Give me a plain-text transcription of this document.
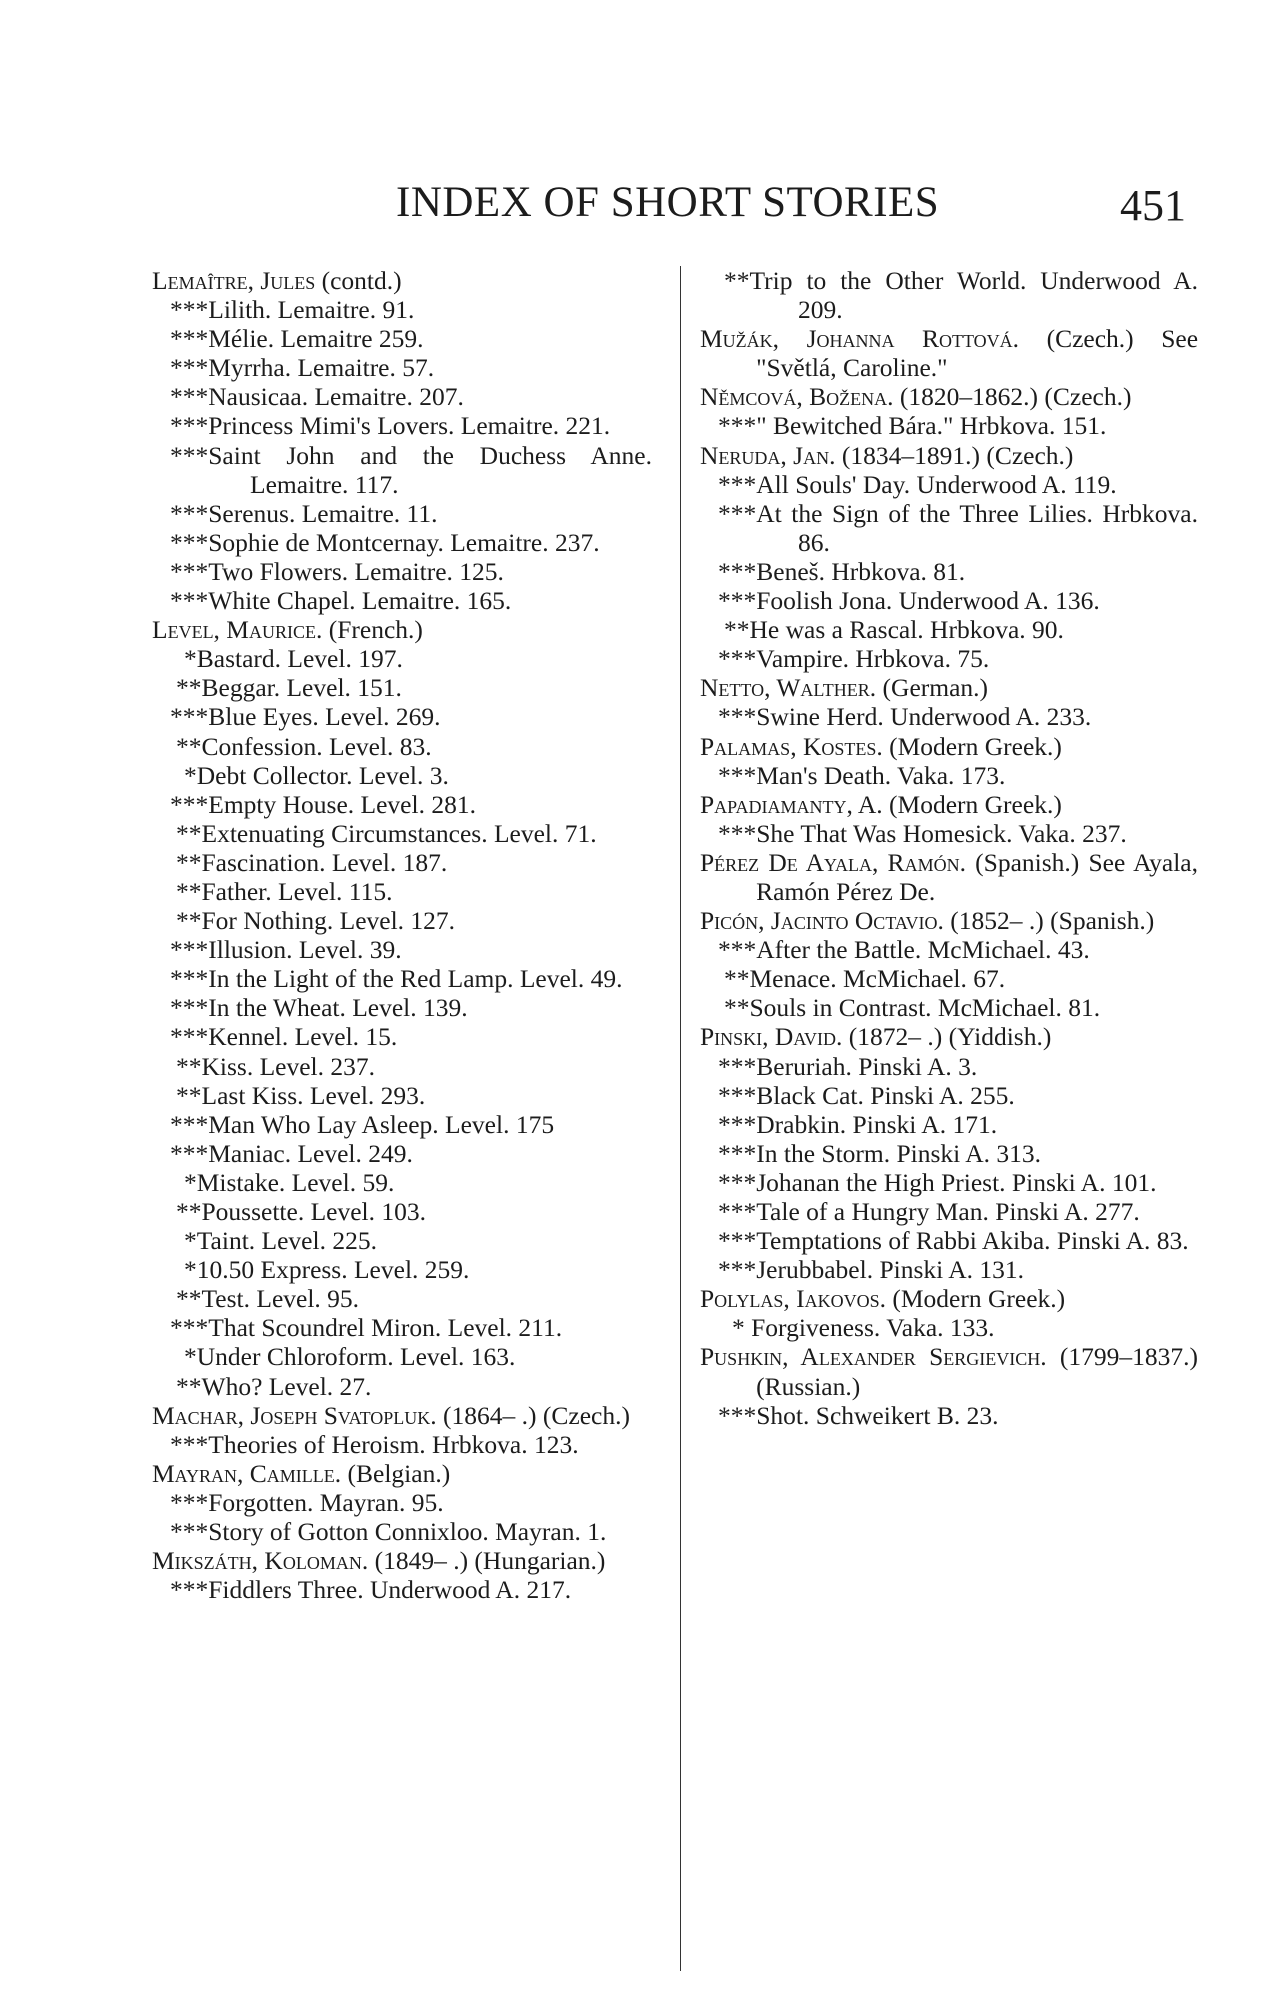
INDEX OF SHORT STORIES	451
Lemaître, Jules (contd.)
***Lilith. Lemaitre. 91.
***Mélie. Lemaitre 259.
***Myrrha. Lemaitre. 57.
***Nausicaa. Lemaitre. 207.
***Princess Mimi's Lovers. Lemaitre. 221.
***Saint John and the Duchess Anne. Lemaitre. 117.
***Serenus. Lemaitre. 11.
***Sophie de Montcernay. Lemaitre. 237.
***Two Flowers. Lemaitre. 125.
***White Chapel. Lemaitre. 165.
Level, Maurice. (French.)
*Bastard. Level. 197.
**Beggar. Level. 151.
***Blue Eyes. Level. 269.
**Confession. Level. 83.
*Debt Collector. Level. 3.
***Empty House. Level. 281.
**Extenuating Circumstances. Level. 71.
**Fascination. Level. 187.
**Father. Level. 115.
**For Nothing. Level. 127.
***Illusion. Level. 39.
***In the Light of the Red Lamp. Level. 49.
***In the Wheat. Level. 139.
***Kennel. Level. 15.
**Kiss. Level. 237.
**Last Kiss. Level. 293.
***Man Who Lay Asleep. Level. 175
***Maniac. Level. 249.
*Mistake. Level. 59.
**Poussette. Level. 103.
*Taint. Level. 225.
*10.50 Express. Level. 259.
**Test. Level. 95.
***That Scoundrel Miron. Level. 211.
*Under Chloroform. Level. 163.
**Who? Level. 27.
Machar, Joseph Svatopluk. (1864– .) (Czech.)
***Theories of Heroism. Hrbkova. 123.
Mayran, Camille. (Belgian.)
***Forgotten. Mayran. 95.
***Story of Gotton Connixloo. Mayran. 1.
Mikszáth, Koloman. (1849– .) (Hungarian.)
***Fiddlers Three. Underwood A. 217.
**Trip to the Other World. Underwood A. 209.
Mužák, Johanna Rottová. (Czech.) See "Světlá, Caroline."
Němcová, Božena. (1820–1862.) (Czech.)
***" Bewitched Bára." Hrbkova. 151.
Neruda, Jan. (1834–1891.) (Czech.)
***All Souls' Day. Underwood A. 119.
***At the Sign of the Three Lilies. Hrbkova. 86.
***Beneš. Hrbkova. 81.
***Foolish Jona. Underwood A. 136.
**He was a Rascal. Hrbkova. 90.
***Vampire. Hrbkova. 75.
Netto, Walther. (German.)
***Swine Herd. Underwood A. 233.
Palamas, Kostes. (Modern Greek.)
***Man's Death. Vaka. 173.
Papadiamanty, A. (Modern Greek.)
***She That Was Homesick. Vaka. 237.
Pérez De Ayala, Ramón. (Spanish.) See Ayala, Ramón Pérez De.
Picón, Jacinto Octavio. (1852– .) (Spanish.)
***After the Battle. McMichael. 43.
**Menace. McMichael. 67.
**Souls in Contrast. McMichael. 81.
Pinski, David. (1872– .) (Yiddish.)
***Beruriah. Pinski A. 3.
***Black Cat. Pinski A. 255.
***Drabkin. Pinski A. 171.
***In the Storm. Pinski A. 313.
***Johanan the High Priest. Pinski A. 101.
***Tale of a Hungry Man. Pinski A. 277.
***Temptations of Rabbi Akiba. Pinski A. 83.
***Jerubbabel. Pinski A. 131.
Polylas, Iakovos. (Modern Greek.)
* Forgiveness. Vaka. 133.
Pushkin, Alexander Sergievich. (1799–1837.) (Russian.)
***Shot. Schweikert B. 23.
